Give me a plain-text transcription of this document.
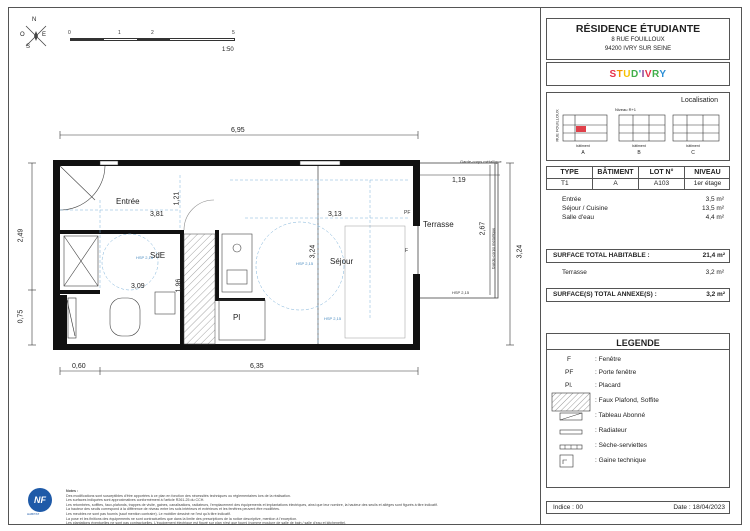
N
O	E
S
0	1	2	5
1:50
6,95
0,60	6,35
2,49
0,75
3,24
1,19
2,67
1,21
3,81	3,13
3,24
3,09	1,96
Entrée
SdE
Séjour
Terrasse
Pl
PF
F
Garde-corps métallique
Garde-corps métallique
HSP 2,15
HSP 2,15
HSP 2,15
HSP 2,15
NF
HABITAT
Notes :
Des modifications sont susceptibles d'être apportées à ce plan en fonction des nécessités techniques ou réglementaires lors de la réalisation.
Les surfaces indiquées sont approximatives conformément à l'article R261-25 du CCH.
Les retombées, soffites, faux-plafonds, trappes de visite, gaines, canalisations, radiateurs, l'emplacement des équipements et implantations électriques, ainsi que leur nombre, la hauteur des seuils et allèges sont figurés à titre indicatif.
La hauteur des seuils correspond à la différence de niveau entre les sols intérieurs et extérieurs et les fenêtres peuvent être modifiées.
Les meubles ne sont pas fournis (sauf mention contraire). Le mobilier dessiné ne l'est qu'à titre indicatif.
La pose et les finitions des équipements ne sont contractuelles que dans la limite des prescriptions de la notice descriptive, mention à l'exception.
Les plantations éventuelles ne sont pas contractuelles. L'équipement électrique est figuré sur plan n'est que fourni (nomme moulure de salle de bain / salle d'eau et kitchenette).
RÉSIDENCE ÉTUDIANTE
8 RUE FOUILLOUX
94200 IVRY SUR SEINE
STUD'IVRY
Localisation
Niveau R+1
RUE FOUILLOUX
A	B	C
bâtiment	bâtiment	bâtiment
TYPE	BÂTIMENT	LOT N°	NIVEAU
T1	A	A103	1er étage
Entrée	3,5 m²
Séjour / Cuisine	13,5 m²
Salle d'eau	4,4 m²
SURFACE TOTAL HABITABLE :	21,4 m²
Terrasse	3,2 m²
SURFACE(S) TOTAL ANNEXE(S) :	3,2 m²
LEGENDE
F	: Fenêtre
PF	: Porte fenêtre
Pl.	: Placard
: Faux Plafond, Soffite
: Tableau Abonné
: Radiateur
: Sèche-serviettes
: Gaine technique
Indice : 00	Date : 18/04/2023
